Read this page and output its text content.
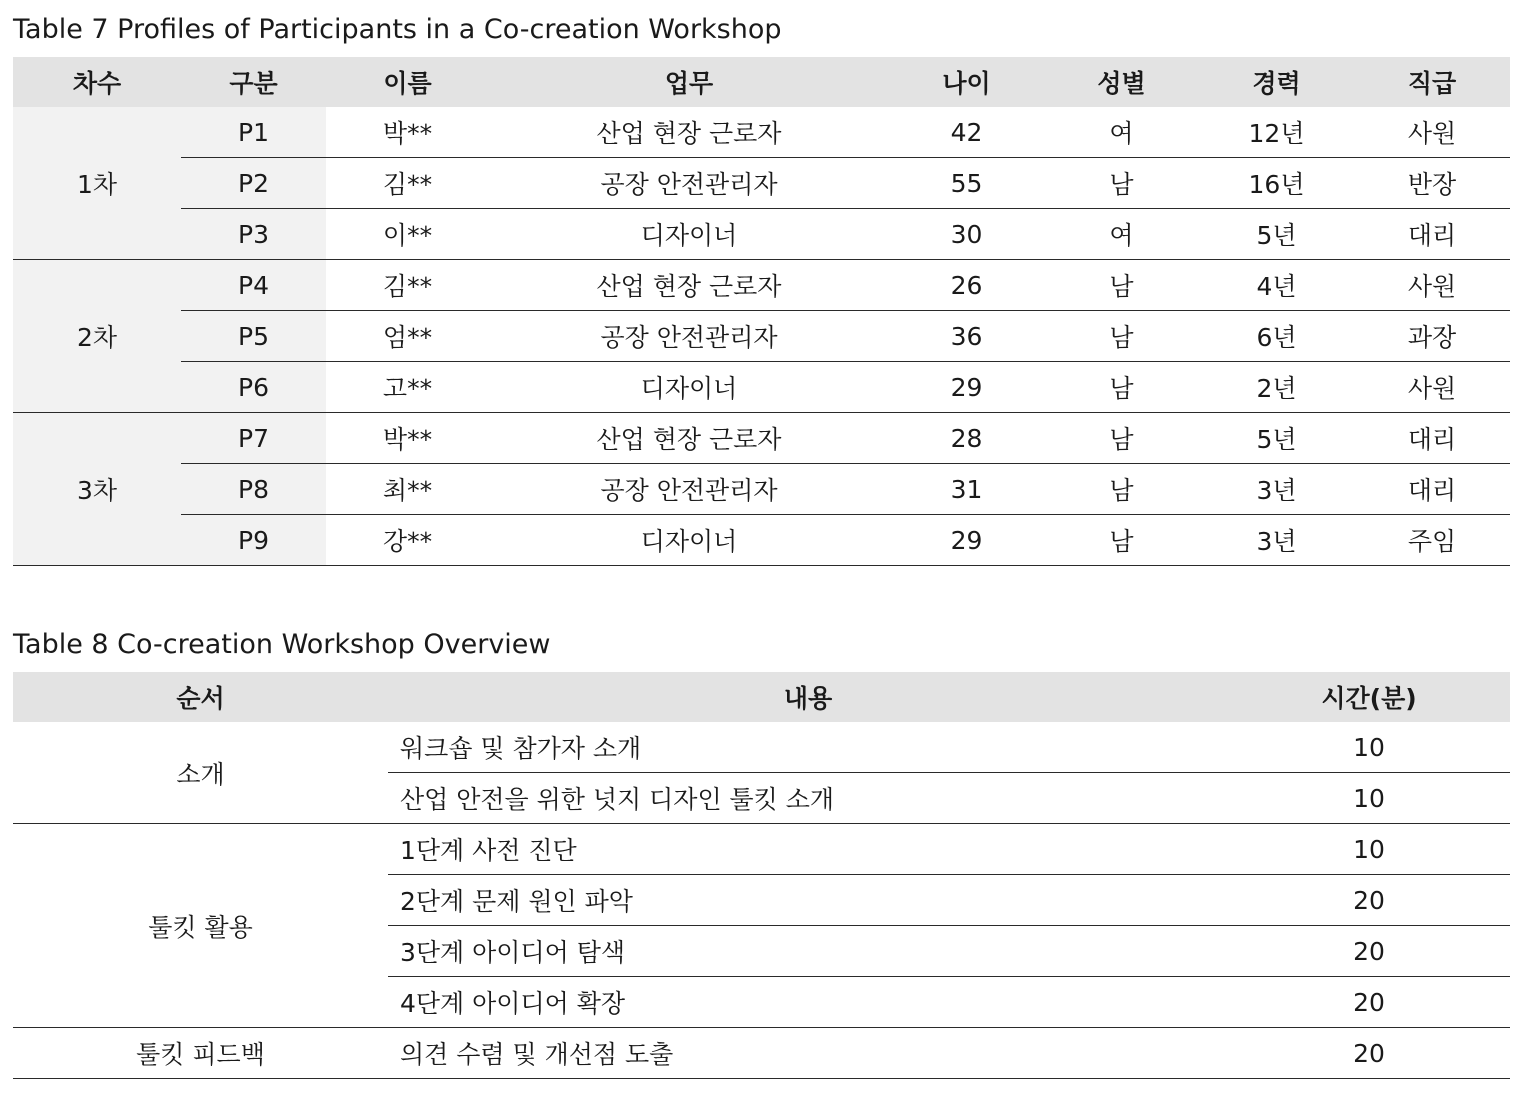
Table 7 Profiles of Participants in a Co-creation Workshop
차수	구분	이름	업무	나이	성별	경력	직급
1차	P1	박**	산업 현장 근로자	42	여	12년	사원
	P2	김**	공장 안전관리자	55	남	16년	반장
	P3	이**	디자이너	30	여	5년	대리
2차	P4	김**	산업 현장 근로자	26	남	4년	사원
	P5	엄**	공장 안전관리자	36	남	6년	과장
	P6	고**	디자이너	29	남	2년	사원
3차	P7	박**	산업 현장 근로자	28	남	5년	대리
	P8	최**	공장 안전관리자	31	남	3년	대리
	P9	강**	디자이너	29	남	3년	주임
Table 8 Co-creation Workshop Overview
순서	내용	시간(분)
소개	워크숍 및 참가자 소개	10
	산업 안전을 위한 넛지 디자인 툴킷 소개	10
툴킷 활용	1단계 사전 진단	10
	2단계 문제 원인 파악	20
	3단계 아이디어 탐색	20
	4단계 아이디어 확장	20
툴킷 피드백	의견 수렴 및 개선점 도출	20
